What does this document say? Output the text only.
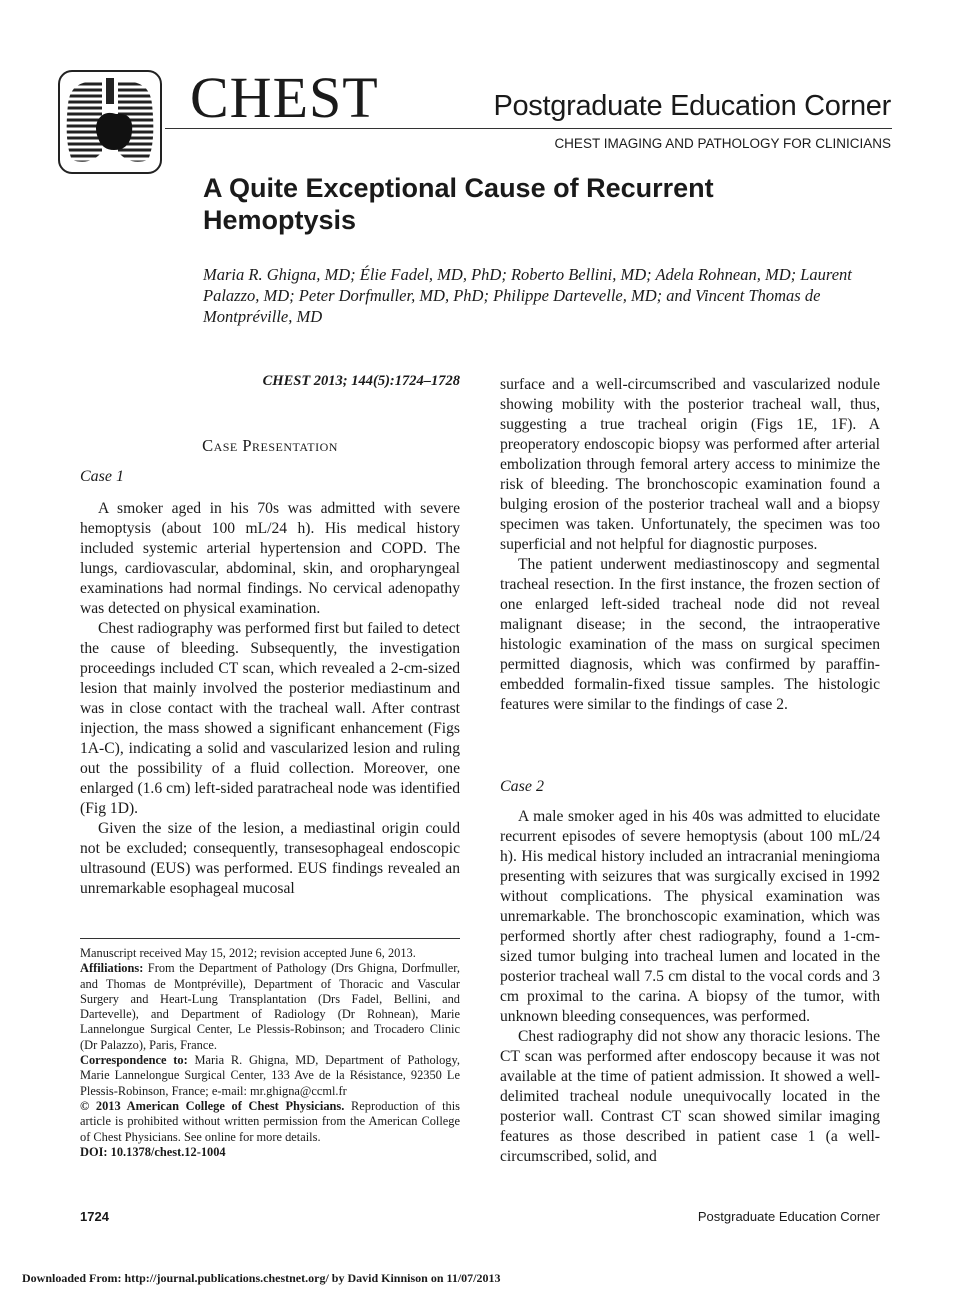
CHEST	Postgraduate Education Corner
CHEST IMAGING AND PATHOLOGY FOR CLINICIANS
A Quite Exceptional Cause of Recurrent Hemoptysis
Maria R. Ghigna, MD; Élie Fadel, MD, PhD; Roberto Bellini, MD; Adela Rohnean, MD; Laurent Palazzo, MD; Peter Dorfmuller, MD, PhD; Philippe Dartevelle, MD; and Vincent Thomas de Montpréville, MD
CHEST 2013; 144(5):1724–1728
Case Presentation
Case 1

A smoker aged in his 70s was admitted with severe hemoptysis (about 100 mL/24 h). His medical history included systemic arterial hypertension and COPD. The lungs, cardiovascular, abdominal, skin, and oropharyngeal examinations had normal findings. No cervical adenopathy was detected on physical examination.

Chest radiography was performed first but failed to detect the cause of bleeding. Subsequently, the investigation proceedings included CT scan, which revealed a 2-cm-sized lesion that mainly involved the posterior mediastinum and was in close contact with the tracheal wall. After contrast injection, the mass showed a significant enhancement (Figs 1A-C), indicating a solid and vascularized lesion and ruling out the possibility of a fluid collection. Moreover, one enlarged (1.6 cm) left-sided paratracheal node was identified (Fig 1D).

Given the size of the lesion, a mediastinal origin could not be excluded; consequently, transesophageal endoscopic ultrasound (EUS) was performed. EUS findings revealed an unremarkable esophageal mucosal

Manuscript received May 15, 2012; revision accepted June 6, 2013.

Affiliations: From the Department of Pathology (Drs Ghigna, Dorfmuller, and Thomas de Montpréville), Department of Thoracic and Vascular Surgery and Heart-Lung Transplantation (Drs Fadel, Bellini, and Dartevelle), and Department of Radiology (Dr Rohnean), Marie Lannelongue Surgical Center, Le Plessis-Robinson; and Trocadero Clinic (Dr Palazzo), Paris, France.

Correspondence to: Maria R. Ghigna, MD, Department of Pathology, Marie Lannelongue Surgical Center, 133 Ave de la Résistance, 92350 Le Plessis-Robinson, France; e-mail: mr.ghigna@ccml.fr

© 2013 American College of Chest Physicians. Reproduction of this article is prohibited without written permission from the American College of Chest Physicians. See online for more details.

DOI: 10.1378/chest.12-1004

surface and a well-circumscribed and vascularized nodule showing mobility with the posterior tracheal wall, thus, suggesting a true tracheal origin (Figs 1E, 1F). A preoperatory endoscopic biopsy was performed after arterial embolization through femoral artery access to minimize the risk of bleeding. The bronchoscopic examination found a bulging erosion of the posterior tracheal wall and a biopsy specimen was taken. Unfortunately, the specimen was too superficial and not helpful for diagnostic purposes.

The patient underwent mediastinoscopy and segmental tracheal resection. In the first instance, the frozen section of one enlarged left-sided tracheal node did not reveal malignant disease; in the second, the intraoperative histologic examination of the mass on surgical specimen permitted diagnosis, which was confirmed by paraffin-embedded formalin-fixed tissue samples. The histologic features were similar to the findings of case 2.

Case 2

A male smoker aged in his 40s was admitted to elucidate recurrent episodes of severe hemoptysis (about 100 mL/24 h). His medical history included an intracranial meningioma presenting with seizures that was surgically excised in 1992 without complications. The physical examination was unremarkable. The bronchoscopic examination, which was performed shortly after chest radiography, found a 1-cm-sized tumor bulging into tracheal lumen and located in the posterior tracheal wall 7.5 cm distal to the vocal cords and 3 cm proximal to the carina. A biopsy of the tumor, with unknown bleeding consequences, was performed.

Chest radiography did not show any thoracic lesions. The CT scan was performed after endoscopy because it was not available at the time of patient admission. It showed a well-delimited tracheal nodule unequivocally located in the posterior wall. Contrast CT scan showed similar imaging features as those described in patient case 1 (a well-circumscribed, solid, and

1724	Postgraduate Education Corner
Downloaded From: http://journal.publications.chestnet.org/ by David Kinnison on 11/07/2013
